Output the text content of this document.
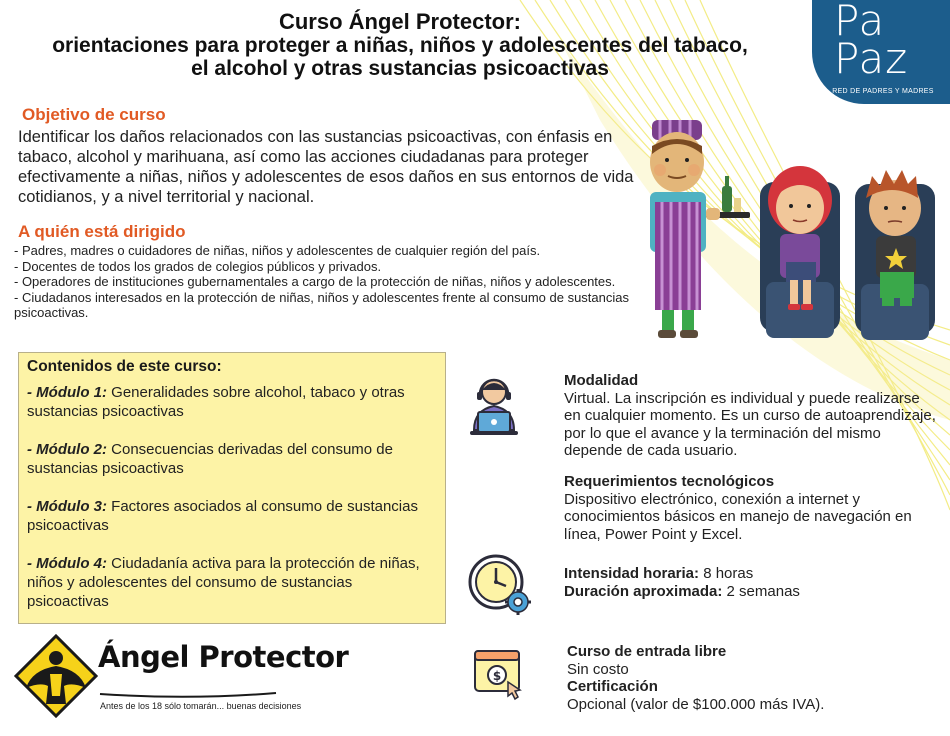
Curso Ángel Protector:
orientaciones para proteger a niñas, niños y adolescentes del tabaco,
el alcohol y otras sustancias psicoactivas
Pa
Paz
RED DE PADRES Y MADRES
Objetivo de curso
Identificar los daños relacionados con las sustancias psicoactivas, con énfasis en tabaco, alcohol y marihuana, así como las acciones ciudadanas para proteger efectivamente a niñas, niños y adolescentes de esos daños en sus entornos de vida cotidianos, y a nivel territorial y nacional.
A quién está dirigido
- Padres, madres o cuidadores de niñas, niños y adolescentes de cualquier región del país.
- Docentes de todos los grados de colegios públicos y privados.
- Operadores de instituciones gubernamentales a cargo de la protección de niñas, niños y adolescentes.
- Ciudadanos interesados en la protección de niñas, niños y adolescentes frente al consumo de sustancias psicoactivas.
Contenidos de este curso:
- Módulo 1: Generalidades sobre alcohol, tabaco y otras sustancias psicoactivas
- Módulo 2: Consecuencias derivadas del consumo de sustancias psicoactivas
- Módulo 3: Factores asociados al consumo de sustancias psicoactivas
- Módulo 4: Ciudadanía activa para la protección de niñas, niños y adolescentes del consumo de sustancias psicoactivas
Modalidad
Virtual. La inscripción es individual y puede realizarse en cualquier momento. Es un curso de autoaprendizaje, por lo que el avance y la terminación del mismo depende de cada usuario.
Requerimientos tecnológicos
Dispositivo electrónico, conexión a internet y conocimientos básicos en manejo de navegación en línea, Power Point y Excel.
Intensidad horaria: 8 horas
Duración aproximada: 2 semanas
$
Curso de entrada libre
Sin costo
Certificación
Opcional (valor de $100.000 más IVA).
Ángel Protector
Antes de los 18 sólo tomarán... buenas decisiones
